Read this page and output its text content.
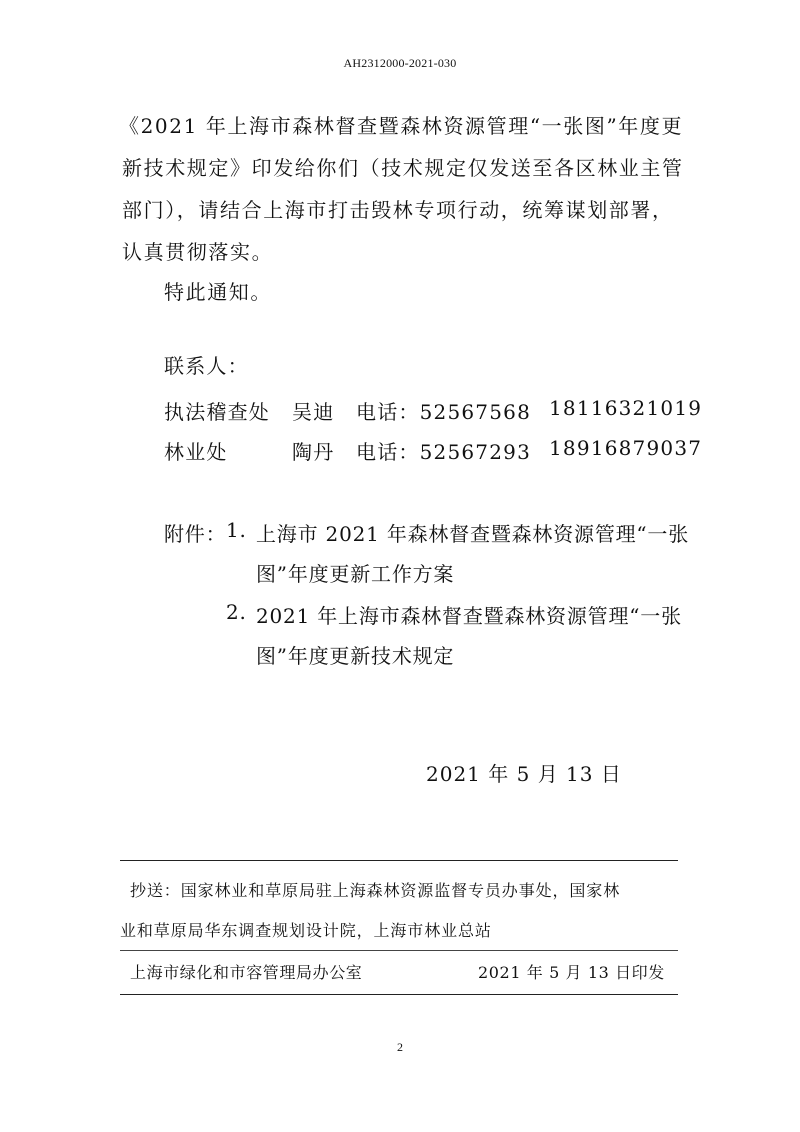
AH2312000-2021-030
《2021 年上海市森林督查暨森林资源管理“一张图”年度更
新技术规定》印发给你们（技术规定仅发送至各区林业主管
部门），请结合上海市打击毁林专项行动，统筹谋划部署，
认真贯彻落实。
特此通知。
联系人：
执法稽查处 吴迪 电话：52567568 18116321019
林业处	陶丹 电话：52567293 18916879037
附件： 1. 上海市 2021 年森林督查暨森林资源管理“一张
图”年度更新工作方案
2. 2021 年上海市森林督查暨森林资源管理“一张
图”年度更新技术规定
2021 年 5 月 13 日
抄送：国家林业和草原局驻上海森林资源监督专员办事处，国家林
业和草原局华东调查规划设计院，上海市林业总站
上海市绿化和市容管理局办公室	2021 年 5 月 13 日印发
2
